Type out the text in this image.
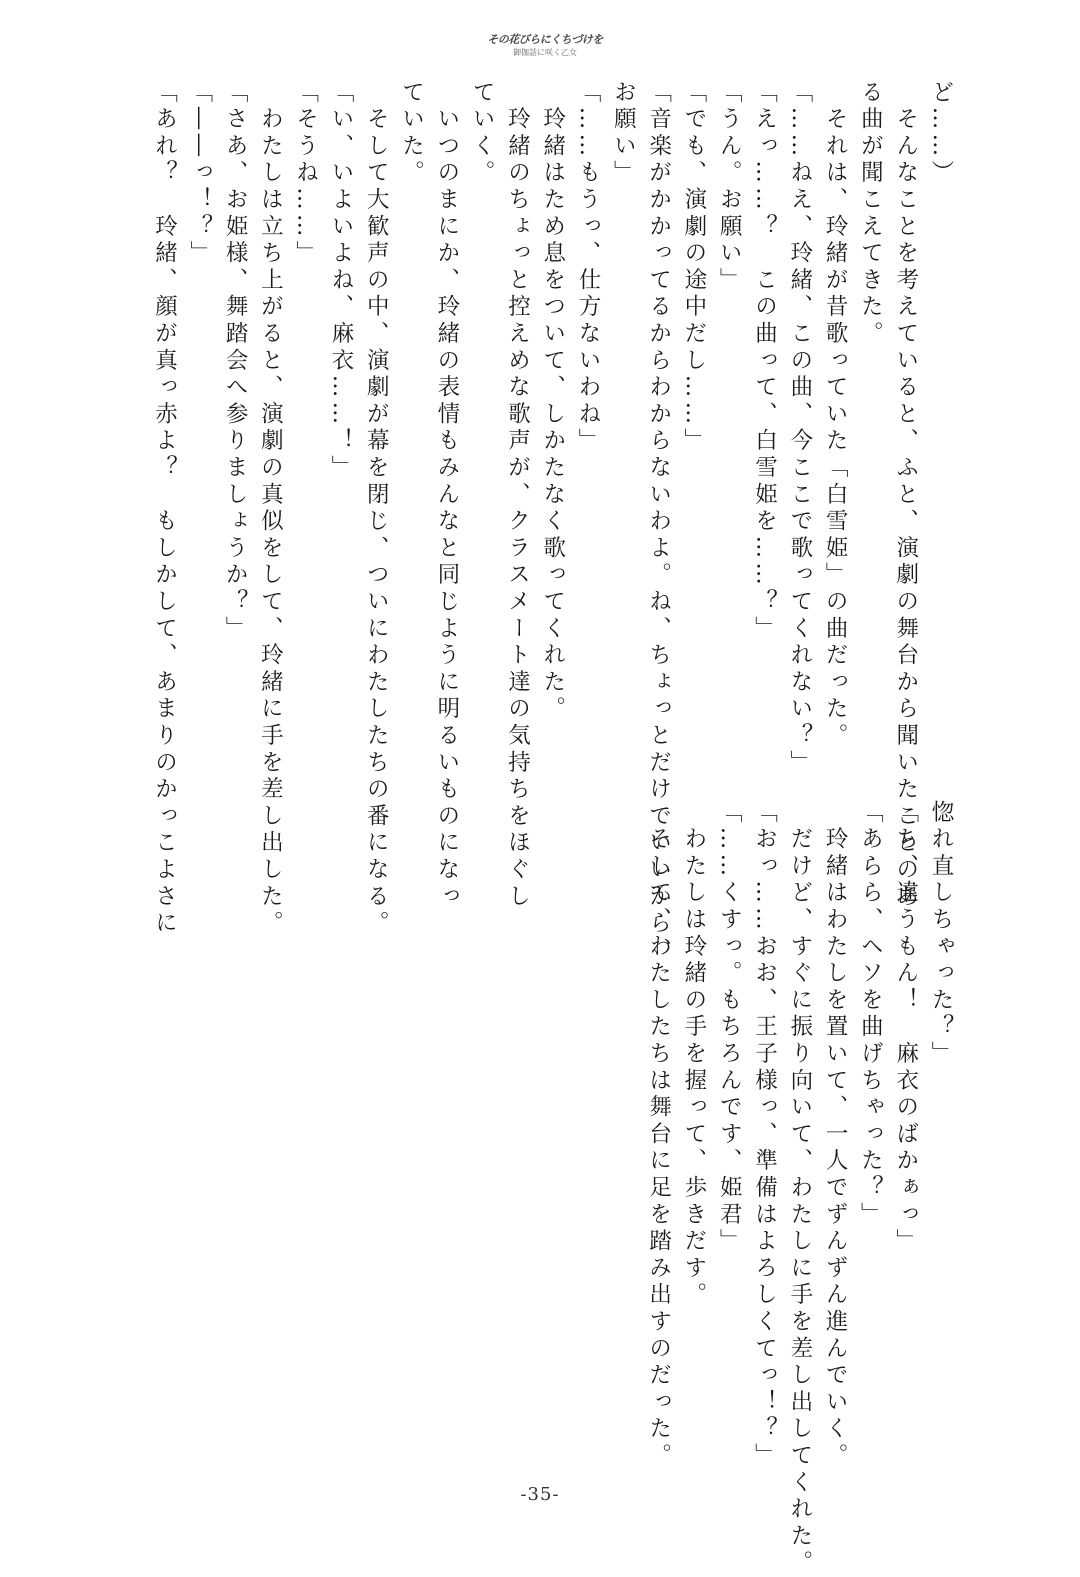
その花びらにくちづけを
御伽話に咲く乙女
ど……）
　そんなことを考えていると、ふと、演劇の舞台から聞いたことのあ
る曲が聞こえてきた。
　それは、玲緒が昔歌っていた「白雪姫」の曲だった。
「……ねえ、玲緒、この曲、今ここで歌ってくれない？」
「えっ……？　この曲って、白雪姫を……？」
「うん。お願い」
「でも、演劇の途中だし……」
「音楽がかかってるからわからないわよ。ね、ちょっとだけでいいから、
お願い」
「……もうっ、仕方ないわね」
　玲緒はため息をついて、しかたなく歌ってくれた。
　玲緒のちょっと控えめな歌声が、クラスメート達の気持ちをほぐし
ていく。
　いつのまにか、玲緒の表情もみんなと同じように明るいものになっ
ていた。
　そして大歓声の中、演劇が幕を閉じ、ついにわたしたちの番になる。
「い、いよいよね、麻衣……！」
「そうね……」
　わたしは立ち上がると、演劇の真似をして、玲緒に手を差し出した。
「さあ、お姫様、舞踏会へ参りましょうか？」
「――っ！？」
「あれ？　玲緒、顔が真っ赤よ？　もしかして、あまりのかっこよさに	惚れ直しちゃった？」
「ち、違うもん！　麻衣のばかぁっ」
「あらら、ヘソを曲げちゃった？」
　玲緒はわたしを置いて、一人でずんずん進んでいく。
　だけど、すぐに振り向いて、わたしに手を差し出してくれた。
「おっ……おお、王子様っ、準備はよろしくてっ！？」
「……くすっ。もちろんです、姫君」
　わたしは玲緒の手を握って、歩きだす。
　そして、わたしたちは舞台に足を踏み出すのだった。
-35-
